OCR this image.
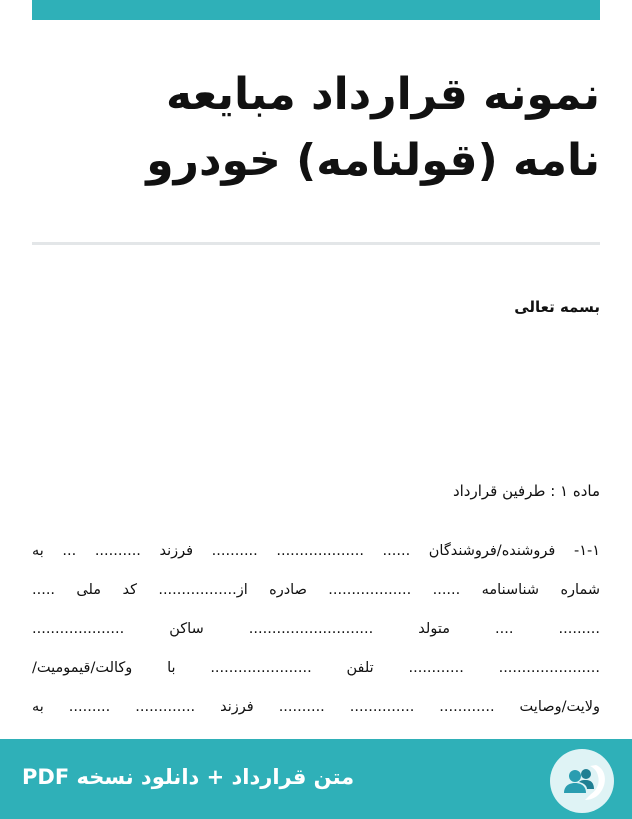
نمونه قرارداد مبایعه
نامه (قولنامه) خودرو
بسمه تعالی
ماده ۱ : طرفین قرارداد
۱-۱- فروشنده/فروشندگان ...... ................... .......... فرزند .......... ... به
شماره شناسنامه ...... .................. صادره از................. کد ملی .....
......... .... متولد ........................... ساکن ....................
...................... ............ تلفن ...................... با وکالت/قیمومیت/
ولایت/وصایت ............ .............. .......... فرزند ............. ......... به
متن قرارداد + دانلود نسخه PDF
